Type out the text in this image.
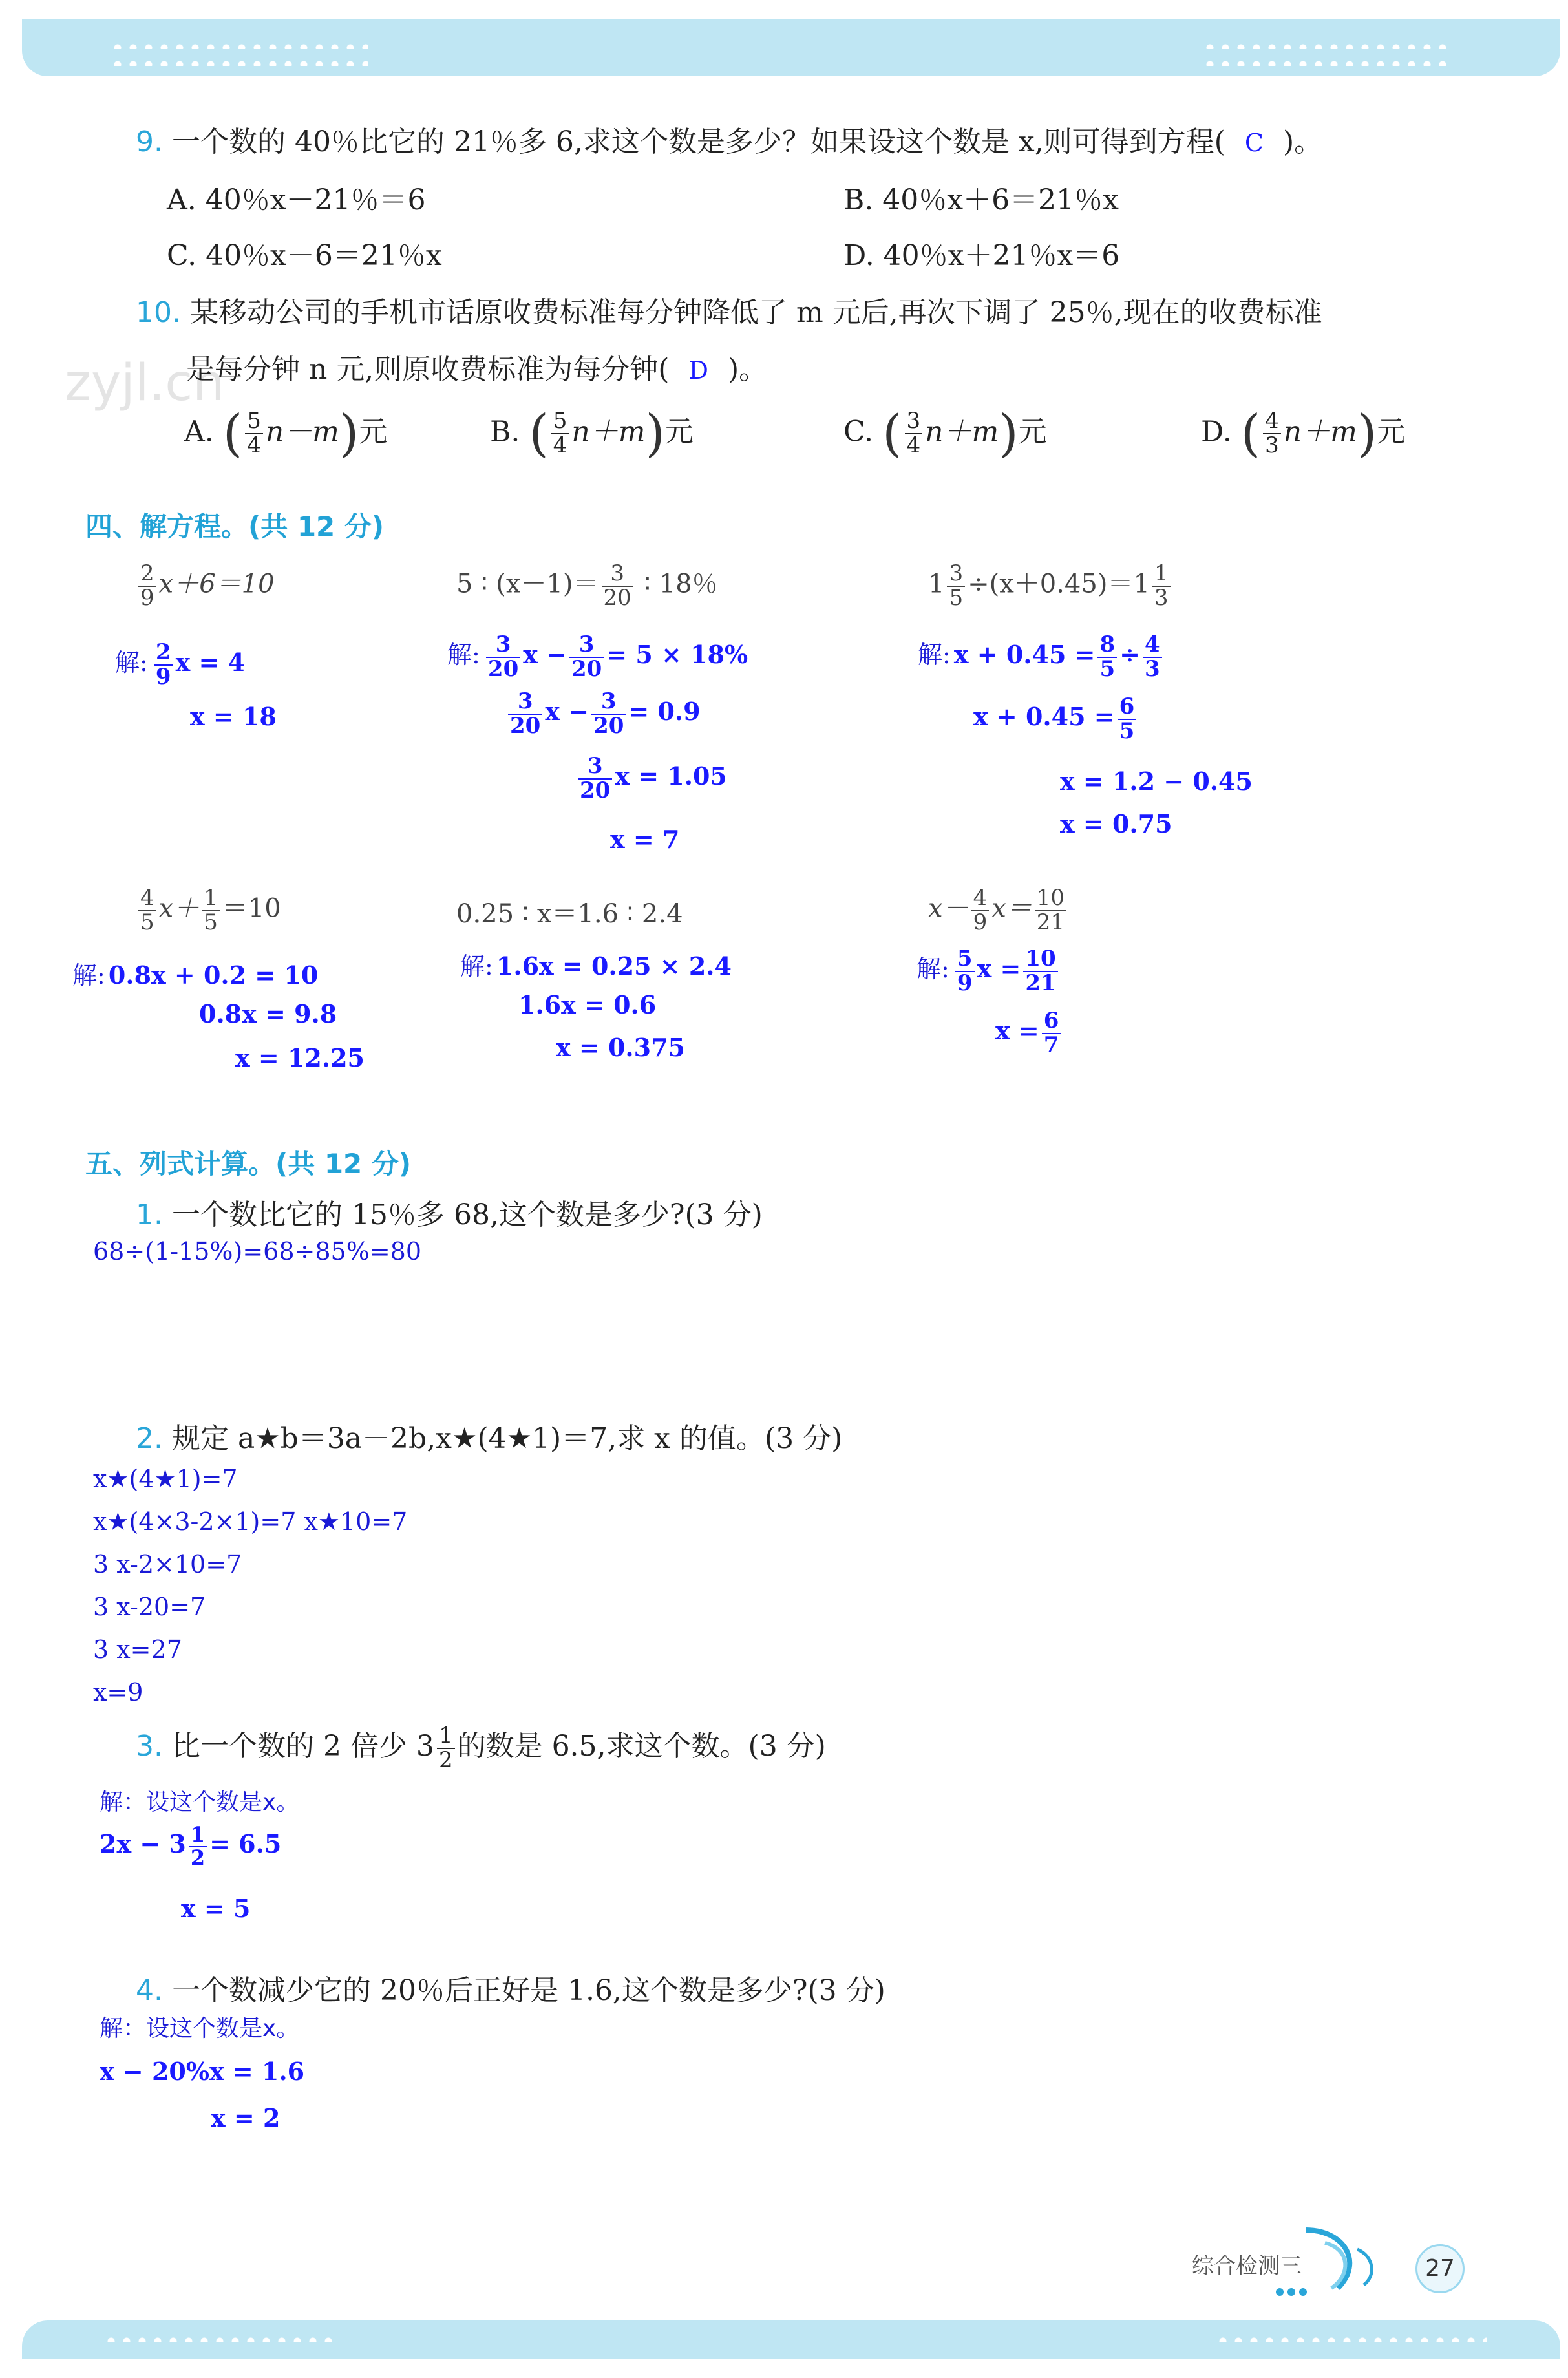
zyjl.cn
9. 一个数的 40％比它的 21％多 6,求这个数是多少？如果设这个数是 x,则可得到方程( C )。
A. 40％x－21％＝6	B. 40％x＋6＝21％x
C. 40％x－6＝21％x	D. 40％x＋21％x＝6
10. 某移动公司的手机市话原收费标准每分钟降低了 m 元后,再次下调了 25％,现在的收费标准
是每分钟 n 元,则原收费标准为每分钟( D )。
A. ( $\frac{5}{4} n-m$)元	B. ( $\frac{5}{4} n+m$)元	C. ( $\frac{3}{4} n+m$)元	D. ( $\frac{4}{3} n+m$)元
四、解方程。(共 12 分)
$\frac{2}{9} x+6=10$	5 ∶ $(x-1)= \frac{3}{20}$ ∶ 18％	$1 \frac{3}{5} \div(x+0.45)=1 \frac{1}{3}$
解: $\frac{2}{9}$ x = 4
x = 18
解: $\frac{3}{20}$ $x - \frac{3}{20} = 5 \times 18\%$
$\frac{3}{20}$ $x - \frac{3}{20} = 0.9$
$\frac{3}{20}$ x = 1.05
x = 7
解: $x + 0.45 = \frac{8}{5} \div \frac{4}{3}$
$x + 0.45 = \frac{6}{5}$
x = 1.2 − 0.45
x = 0.75
$\frac{4}{5} x+ \frac{1}{5} =10$	0.25 ∶ x＝1.6 ∶ 2.4	$x- \frac{4}{9} x= \frac{10}{21}$
解: 0.8x + 0.2 = 10
0.8x = 9.8
x = 12.25
解: 1.6x = 0.25 × 2.4
1.6x = 0.6
x = 0.375
解: $\frac{5}{9}$ $x = \frac{10}{21}$
$x = \frac{6}{7}$
五、列式计算。(共 12 分)
1. 一个数比它的 15％多 68,这个数是多少?(3 分)
68÷(1-15%)=68÷85%=80
2. 规定 a★b＝3a－2b,x★(4★1)＝7,求 x 的值。(3 分)
x★(4★1)=7
x★(4×3-2×1)=7 x★10=7
3 x-2×10=7
3 x-20=7
3 x=27
x=9
3. 比一个数的 2 倍少 $3 \frac{1}{2}$ 的数是 6.5,求这个数。(3 分)
解：设这个数是x。
$2x - 3 \frac{1}{2} = 6.5$
x = 5
4. 一个数减少它的 20％后正好是 1.6,这个数是多少?(3 分)
解：设这个数是x。
x − 20%x = 1.6
x = 2
综合检测三	27
